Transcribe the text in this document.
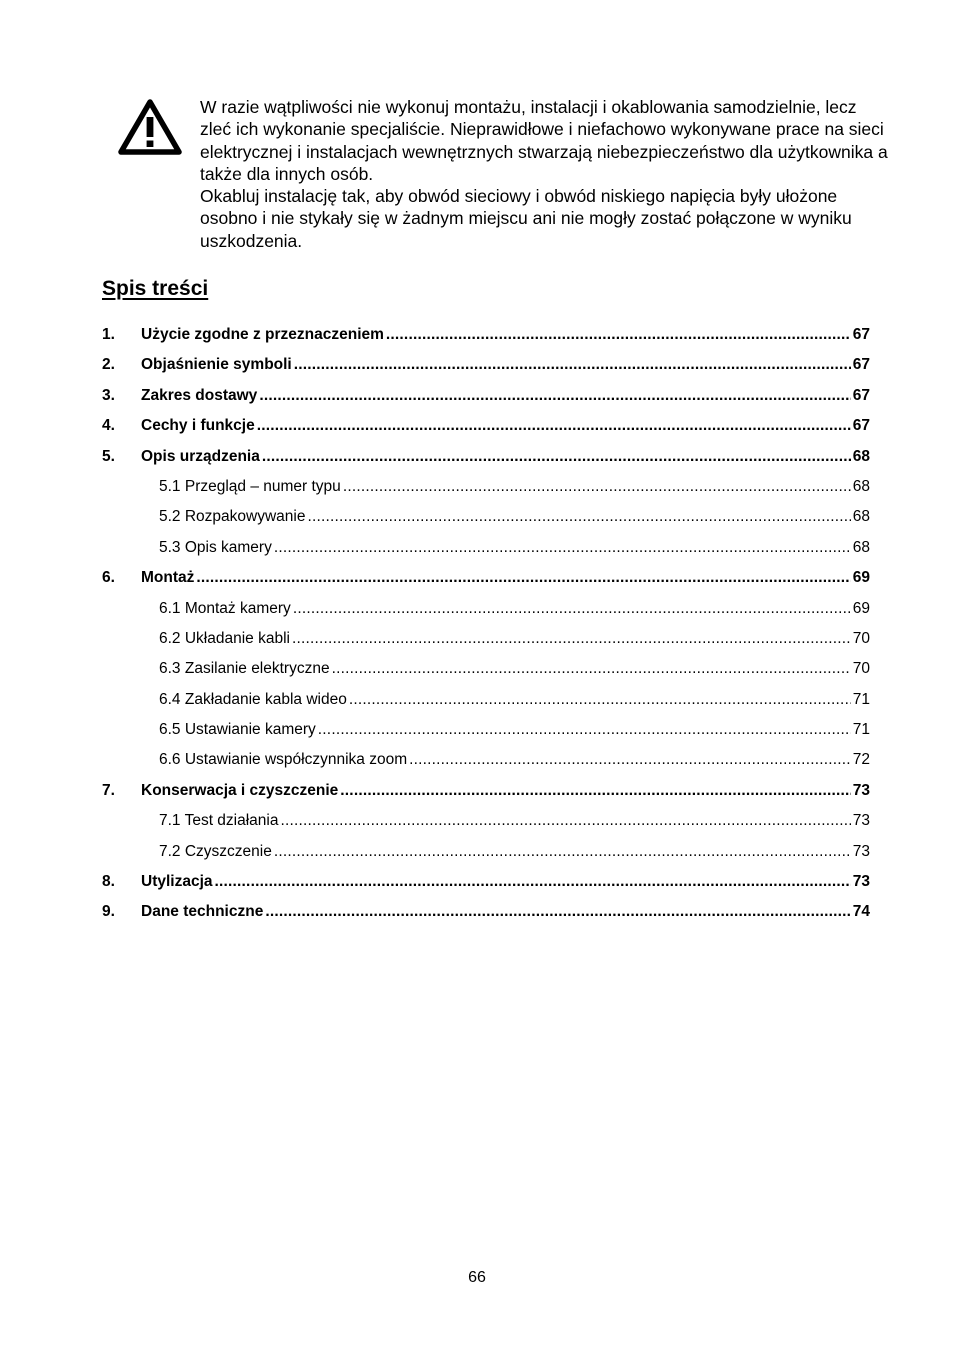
W razie wątpliwości nie wykonuj montażu, instalacji i okablowania samodzielnie, lecz zleć ich wykonanie specjaliście. Nieprawidłowe i niefachowo wykonywane prace na sieci elektrycznej i instalacjach wewnętrznych stwarzają niebezpieczeństwo dla użytkownika a także dla innych osób.

Okabluj instalację tak, aby obwód sieciowy i obwód niskiego napięcia były ułożone osobno i nie stykały się w żadnym miejscu ani nie mogły zostać połączone w wyniku uszkodzenia.

Spis treści
1.	Użycie zgodne z przeznaczeniem .....	67
2.	Objaśnienie symboli .....	67
3.	Zakres dostawy .....	67
4.	Cechy i funkcje .....	67
5.	Opis urządzenia .....	68
5.1 Przegląd – numer typu .....	68
5.2 Rozpakowywanie .....	68
5.3 Opis kamery .....	68
6.	Montaż .....	69
6.1 Montaż kamery .....	69
6.2 Układanie kabli .....	70
6.3 Zasilanie elektryczne .....	70
6.4 Zakładanie kabla wideo .....	71
6.5 Ustawianie kamery .....	71
6.6 Ustawianie współczynnika zoom .....	72
7.	Konserwacja i czyszczenie .....	73
7.1 Test działania .....	73
7.2 Czyszczenie .....	73
8.	Utylizacja .....	73
9.	Dane techniczne .....	74
66
